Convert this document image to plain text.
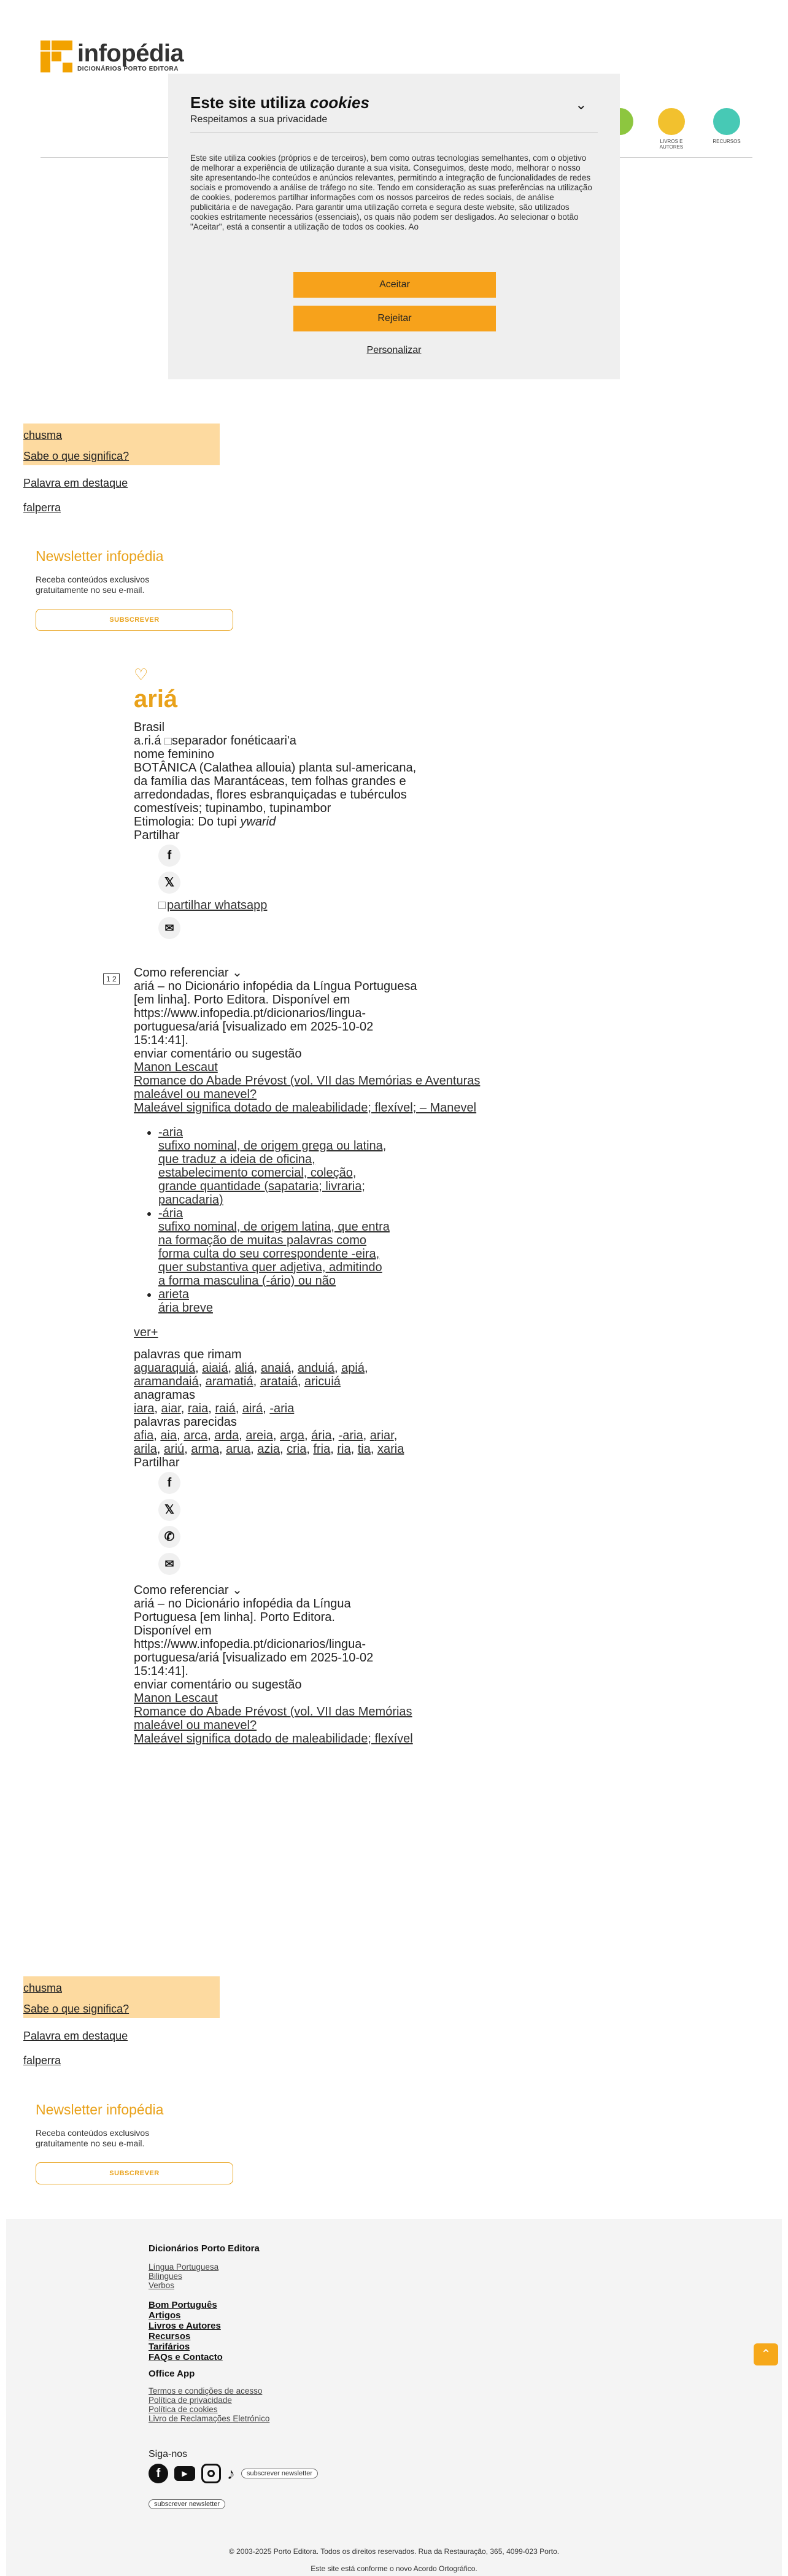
infopédia
DICIONÁRIOS PORTO EDITORA
LIVROS E AUTORES
RECURSOS
Este site utiliza cookies
Respeitamos a sua privacidade
⌄
Este site utiliza cookies (próprios e de terceiros), bem como outras tecnologias semelhantes, com o objetivo de melhorar a experiência de utilização durante a sua visita. Conseguimos, deste modo, melhorar o nosso site apresentando-lhe conteúdos e anúncios relevantes, permitindo a integração de funcionalidades de redes sociais e promovendo a análise de tráfego no site. Tendo em consideração as suas preferências na utilização de cookies, poderemos partilhar informações com os nossos parceiros de redes sociais, de análise publicitária e de navegação. Para garantir uma utilização correta e segura deste website, são utilizados cookies estritamente necessários (essenciais), os quais não podem ser desligados. Ao selecionar o botão "Aceitar", está a consentir a utilização de todos os cookies. Ao
Aceitar
Rejeitar
Personalizar
chusma
Sabe o que significa?
Palavra em destaque
falperra
Newsletter infopédia

Receba conteúdos exclusivos gratuitamente no seu e-mail.

SUBSCREVER
♡
ariá
Brasil
a.ri.á separador fonéticaari'a
nome feminino
BOTÂNICA (Calathea allouia) planta sul-americana, da família das Marantáceas, tem folhas grandes e arredondadas, flores esbranquiçadas e tubérculos comestíveis; tupinambo, tupinambor
Etimologia: Do tupi ywarid
Partilhar
f
𝕏
partilhar whatsapp
✉
1 2 Como referenciar ⌄
ariá – no Dicionário infopédia da Língua Portuguesa [em linha]. Porto Editora. Disponível em https://www.infopedia.pt/dicionarios/lingua-portuguesa/ariá [visualizado em 2025-10-02 15:14:41].
enviar comentário ou sugestão
Manon Lescaut
Romance do Abade Prévost (vol. VII das Memórias e Aventuras
maleável ou manevel?
Maleável significa dotado de maleabilidade; flexível; – Manevel
• -aria
sufixo nominal, de origem grega ou latina, que traduz a ideia de oficina, estabelecimento comercial, coleção, grande quantidade (sapataria; livraria; pancadaria)
• -ária
sufixo nominal, de origem latina, que entra na formação de muitas palavras como forma culta do seu correspondente -eira, quer substantiva quer adjetiva, admitindo a forma masculina (-ário) ou não
• arieta
ária breve
ver+
palavras que rimam
aguaraquiá, aiaiá, aliá, anaiá, anduiá, apiá, aramandaiá, aramatiá, arataiá, aricuiá
anagramas
iara, aiar, raia, raiá, airá, -aria
palavras parecidas
afia, aia, arca, arda, areia, arga, ária, -aria, ariar, arila, ariú, arma, arua, azia, cria, fria, ria, tia, xaria
Partilhar
f
𝕏
✆
✉
Como referenciar ⌄
ariá – no Dicionário infopédia da Língua Portuguesa [em linha]. Porto Editora. Disponível em https://www.infopedia.pt/dicionarios/lingua-portuguesa/ariá [visualizado em 2025-10-02 15:14:41].
enviar comentário ou sugestão
Manon Lescaut
Romance do Abade Prévost (vol. VII das Memórias
maleável ou manevel?
Maleável significa dotado de maleabilidade; flexível
chusma
Sabe o que significa?
Palavra em destaque
falperra
Newsletter infopédia

Receba conteúdos exclusivos gratuitamente no seu e-mail.

SUBSCREVER
Dicionários Porto Editora
Língua Portuguesa
Bilingues
Verbos
Bom Português
Artigos
Livros e Autores
Recursos
Tarifários
FAQs e Contacto
Office App
Termos e condições de acesso
Política de privacidade
Política de cookies
Livro de Reclamações Eletrónico
Siga-nos
f	▶	♪	subscrever newsletter
subscrever newsletter
© 2003-2025 Porto Editora. Todos os direitos reservados. Rua da Restauração, 365, 4099-023 Porto.
Este site está conforme o novo Acordo Ortográfico.
⌃
